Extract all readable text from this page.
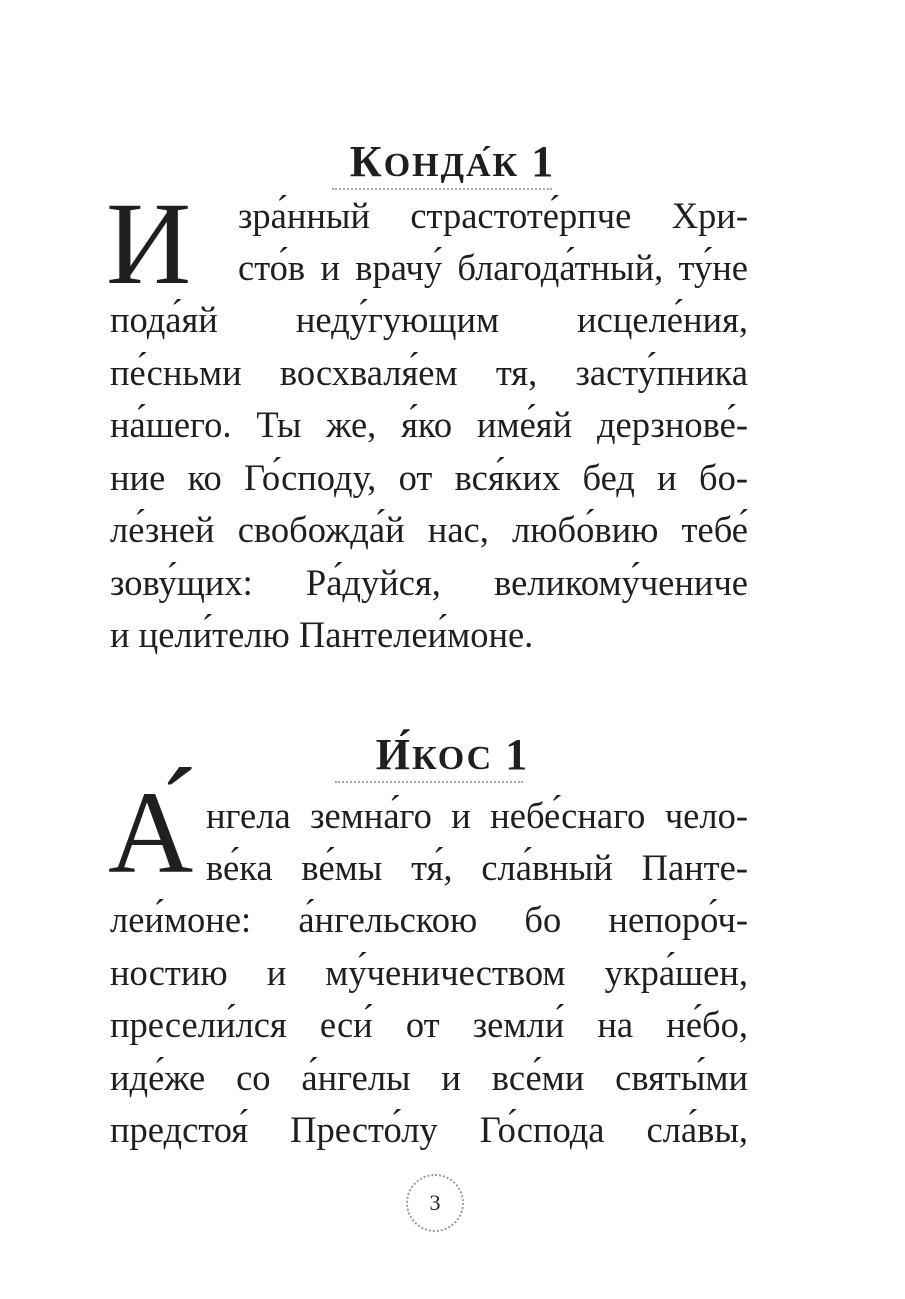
КОНДА́К 1
И зра́нный страстоте́рпче Хри-
сто́в и врачу́ благода́тный, ту́не
пода́яй неду́гующим исцеле́ния,
пе́сньми восхваля́ем тя, засту́пника
на́шего. Ты же, я́ко име́яй дерзнове́-
ние ко Го́споду, от вся́ких бед и бо-
ле́зней свобожда́й нас, любо́вию тебе́
зову́щих: Ра́дуйся, великому́чениче
и цели́телю Пантелеи́моне.
И́КОС 1
А́ нгела земна́го и небе́снаго чело-
ве́ка ве́мы тя́, сла́вный Панте-
леи́моне: а́нгельскою бо непоро́ч-
ностию и му́ченичеством укра́шен,
пресели́лся еси́ от земли́ на не́бо,
иде́же со а́нгелы и все́ми святы́ми
предстоя́ Престо́лу Го́спода сла́вы,
3
